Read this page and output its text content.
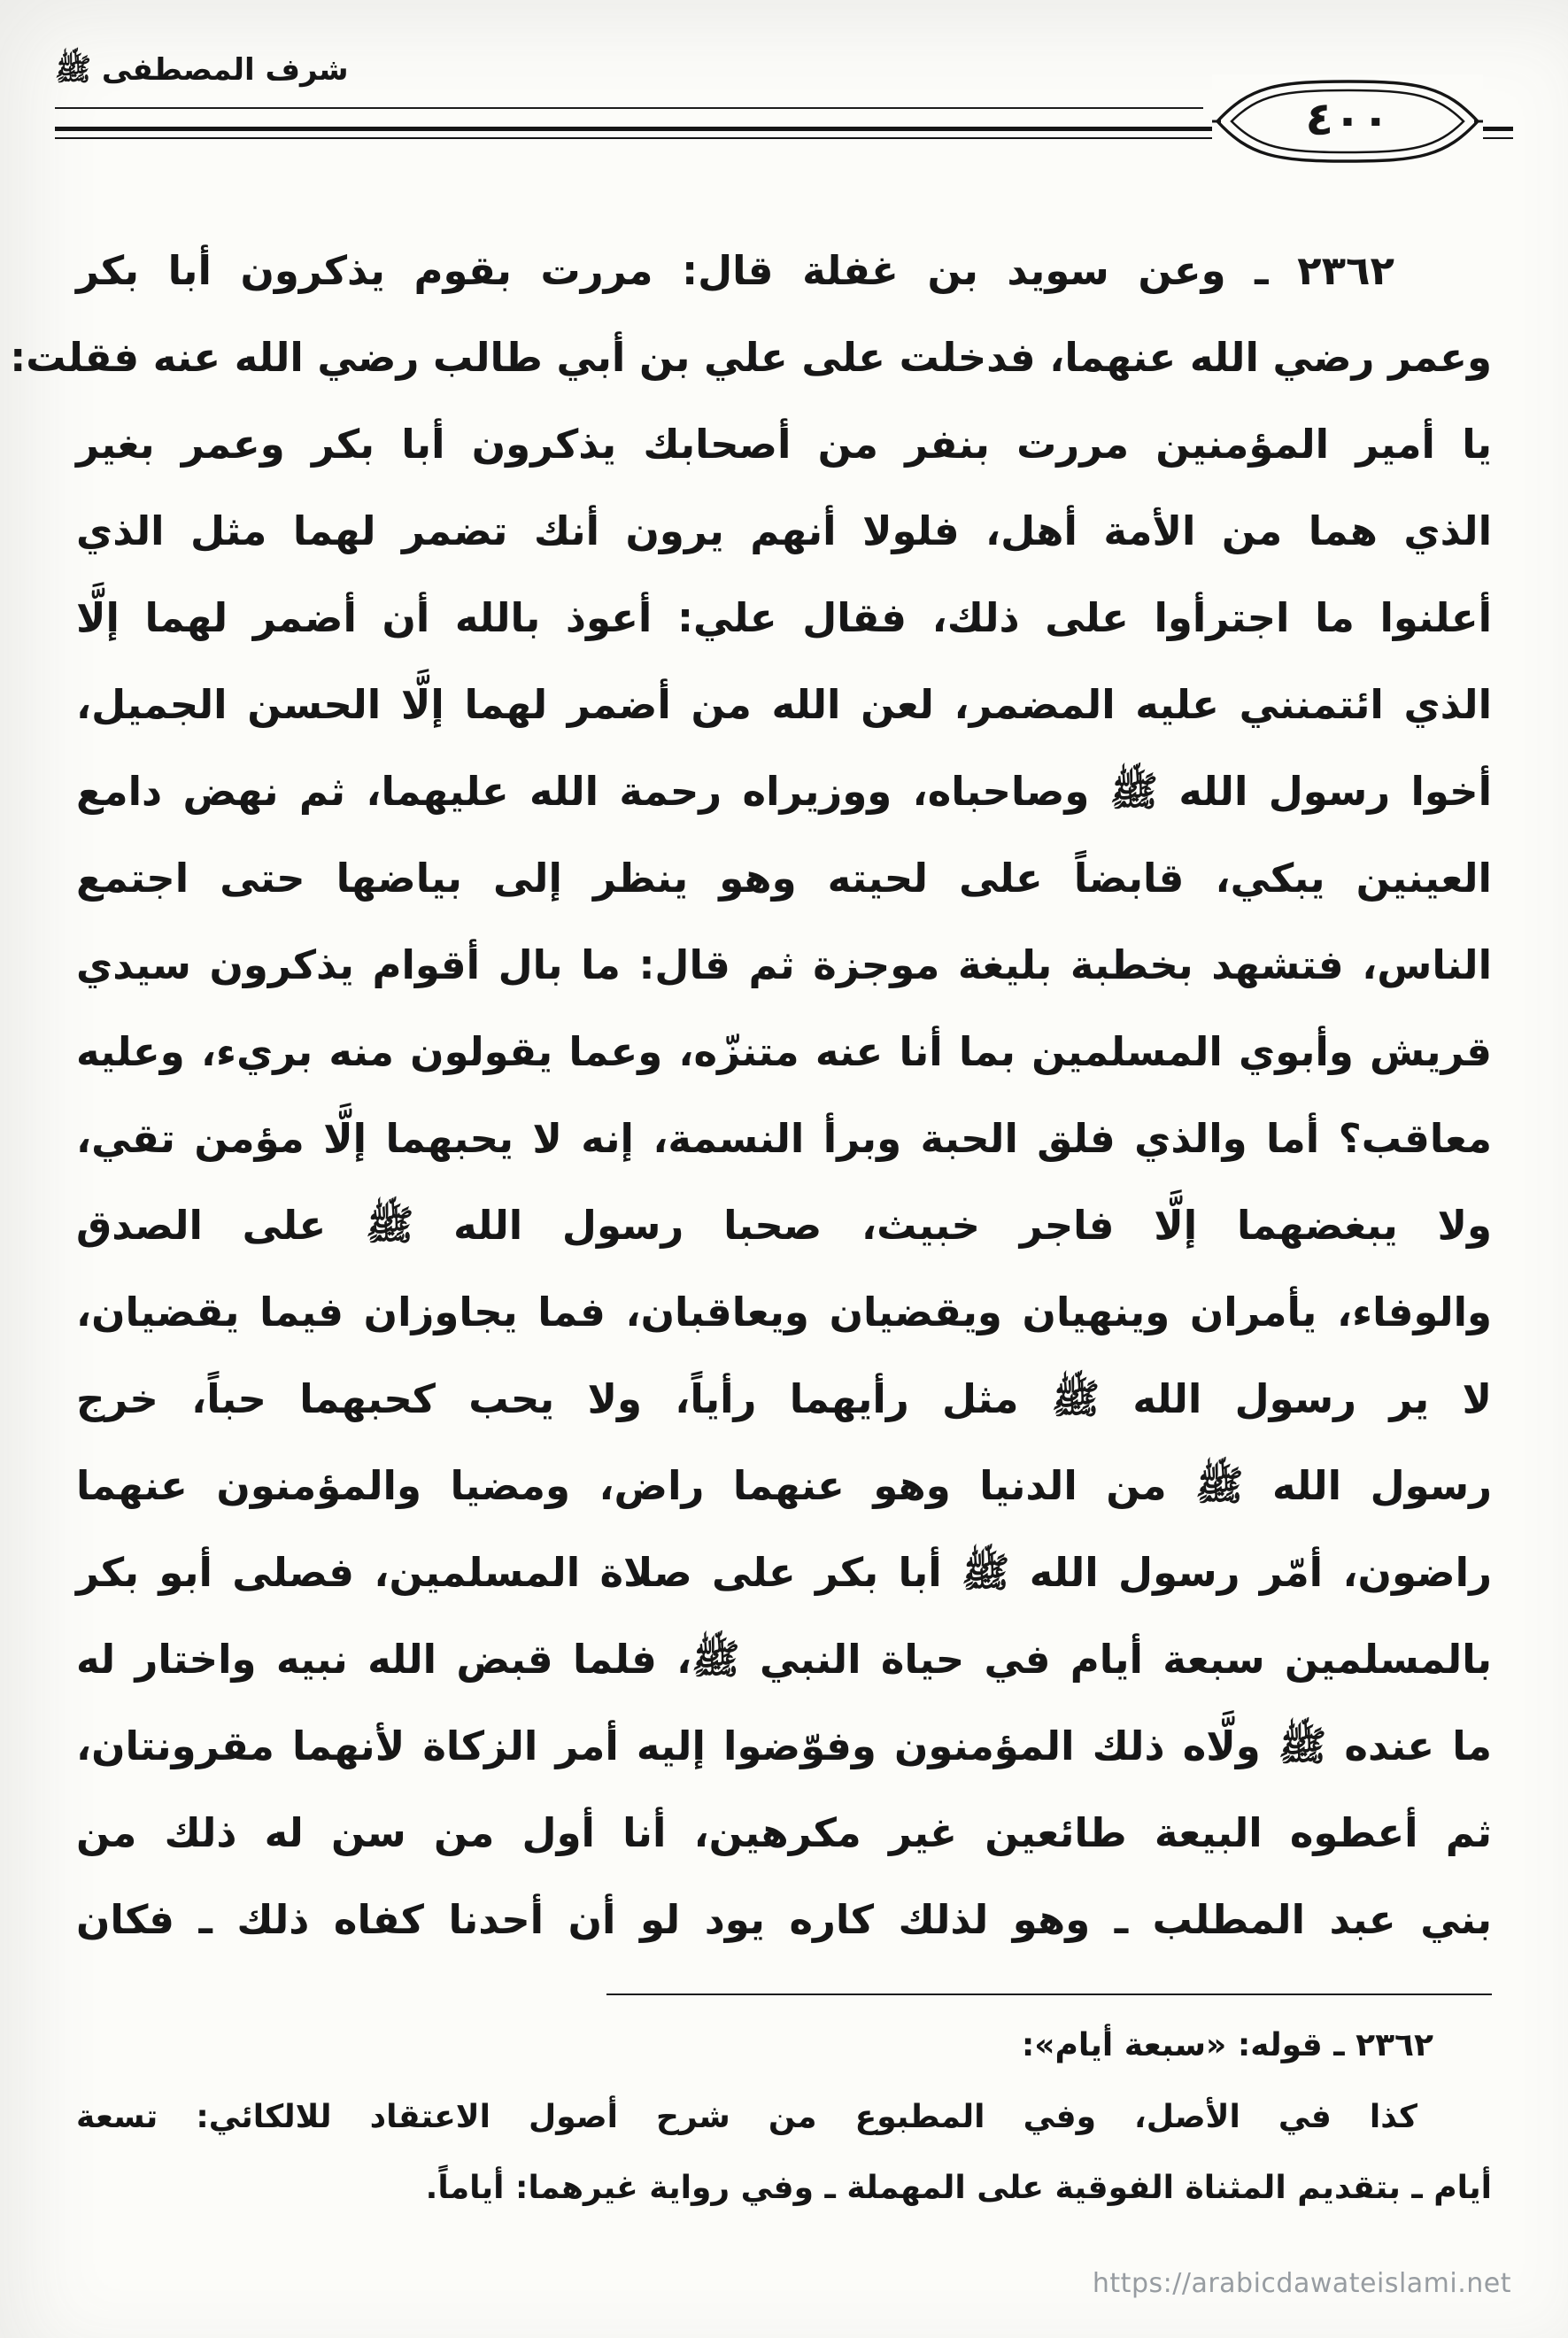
شرف المصطفى ﷺ
٤٠٠
٢٣٦٢ ـ وعن سويد بن غفلة قال: مررت بقوم يذكرون أبا بكر
وعمر رضي الله عنهما، فدخلت على علي بن أبي طالب رضي الله عنه فقلت:
يا أمير المؤمنين مررت بنفر من أصحابك يذكرون أبا بكر وعمر بغير
الذي هما من الأمة أهل، فلولا أنهم يرون أنك تضمر لهما مثل الذي
أعلنوا ما اجترأوا على ذلك، فقال علي: أعوذ بالله أن أضمر لهما إلَّا
الذي ائتمنني عليه المضمر، لعن الله من أضمر لهما إلَّا الحسن الجميل،
أخوا رسول الله ﷺ وصاحباه، ووزيراه رحمة الله عليهما، ثم نهض دامع
العينين يبكي، قابضاً على لحيته وهو ينظر إلى بياضها حتى اجتمع
الناس، فتشهد بخطبة بليغة موجزة ثم قال: ما بال أقوام يذكرون سيدي
قريش وأبوي المسلمين بما أنا عنه متنزّه، وعما يقولون منه بريء، وعليه
معاقب؟ أما والذي فلق الحبة وبرأ النسمة، إنه لا يحبهما إلَّا مؤمن تقي،
ولا يبغضهما إلَّا فاجر خبيث، صحبا رسول الله ﷺ على الصدق
والوفاء، يأمران وينهيان ويقضيان ويعاقبان، فما يجاوزان فيما يقضيان،
لا ير رسول الله ﷺ مثل رأيهما رأياً، ولا يحب كحبهما حباً، خرج
رسول الله ﷺ من الدنيا وهو عنهما راض، ومضيا والمؤمنون عنهما
راضون، أمّر رسول الله ﷺ أبا بكر على صلاة المسلمين، فصلى أبو بكر
بالمسلمين سبعة أيام في حياة النبي ﷺ، فلما قبض الله نبيه واختار له
ما عنده ﷺ ولَّاه ذلك المؤمنون وفوّضوا إليه أمر الزكاة لأنهما مقرونتان،
ثم أعطوه البيعة طائعين غير مكرهين، أنا أول من سن له ذلك من
بني عبد المطلب ـ وهو لذلك كاره يود لو أن أحدنا كفاه ذلك ـ فكان
٢٣٦٢ ـ قوله: «سبعة أيام»:
كذا في الأصل، وفي المطبوع من شرح أصول الاعتقاد للالكائي: تسعة
أيام ـ بتقديم المثناة الفوقية على المهملة ـ وفي رواية غيرهما: أياماً.
https://arabicdawateislami.net
